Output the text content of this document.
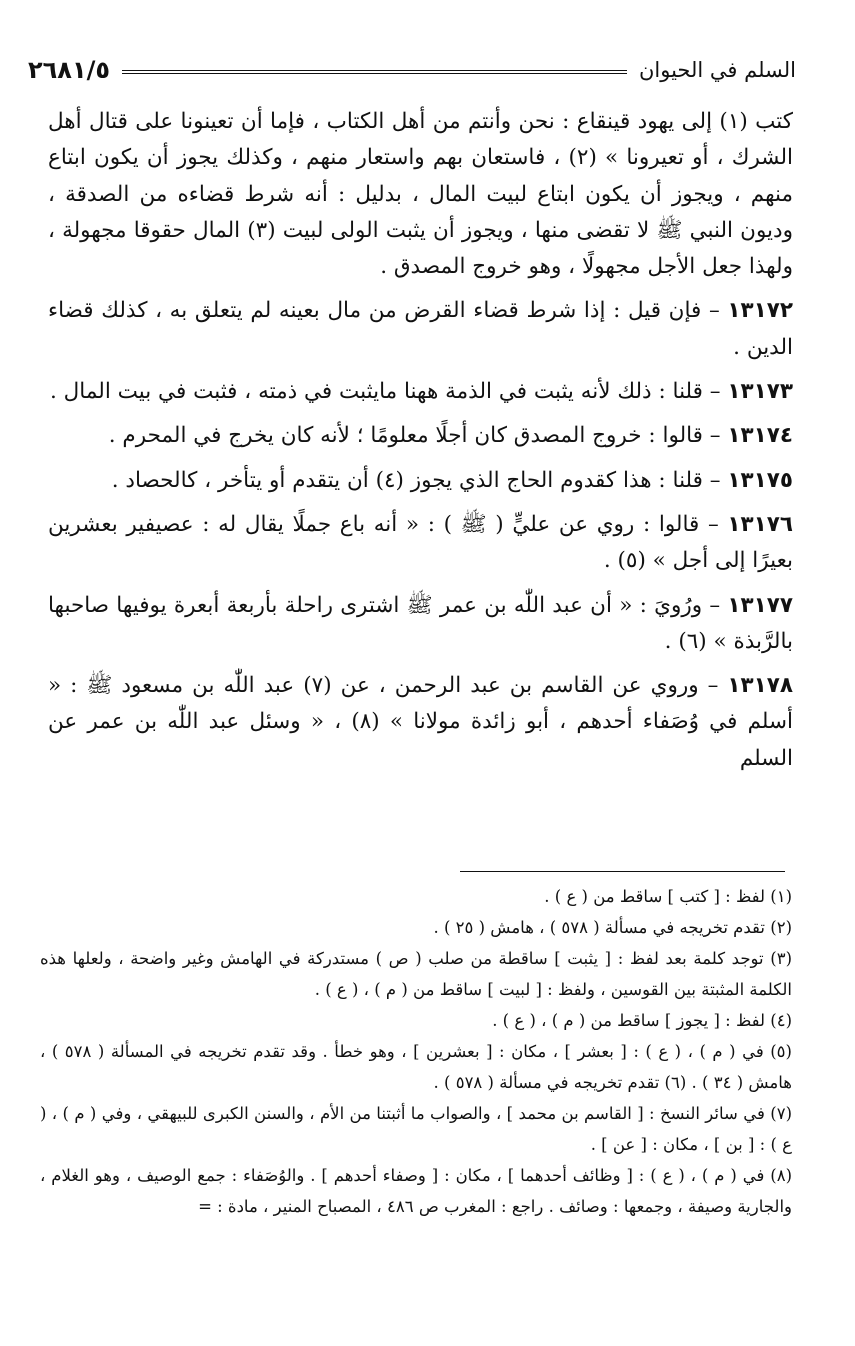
السلم في الحيوان
٢٦٨١/٥

كتب (١) إلى يهود قينقاع : نحن وأنتم من أهل الكتاب ، فإما أن تعينونا على قتال أهل الشرك ، أو تعيرونا » (٢) ، فاستعان بهم واستعار منهم ، وكذلك يجوز أن يكون ابتاع منهم ، ويجوز أن يكون ابتاع لبيت المال ، بدليل : أنه شرط قضاءه من الصدقة ، وديون النبي ﷺ لا تقضى منها ، ويجوز أن يثبت الولى لبيت (٣) المال حقوقا مجهولة ، ولهذا جعل الأجل مجهولًا ، وهو خروج المصدق .

١٣١٧٢ – فإن قيل : إذا شرط قضاء القرض من مال بعينه لم يتعلق به ، كذلك قضاء الدين .

١٣١٧٣ – قلنا : ذلك لأنه يثبت في الذمة ههنا مايثبت في ذمته ، فثبت في بيت المال .

١٣١٧٤ – قالوا : خروج المصدق كان أجلًا معلومًا ؛ لأنه كان يخرج في المحرم .

١٣١٧٥ – قلنا : هذا كقدوم الحاج الذي يجوز (٤) أن يتقدم أو يتأخر ، كالحصاد .

١٣١٧٦ – قالوا : روي عن عليٍّ ( ﷺ ) : « أنه باع جملًا يقال له : عصيفير بعشرين بعيرًا إلى أجل » (٥) .

١٣١٧٧ – ورُويَ : « أن عبد اللّٰه بن عمر ﷺ اشترى راحلة بأربعة أبعرة يوفيها صاحبها بالرَّبذة » (٦) .

١٣١٧٨ – وروي عن القاسم بن عبد الرحمن ، عن (٧) عبد اللّٰه بن مسعود ﷺ : « أسلم في وُصَفاء أحدهم ، أبو زائدة مولانا » (٨) ، « وسئل عبد اللّٰه بن عمر عن السلم

(١) لفظ : [ كتب ] ساقط من ( ع ) .

(٢) تقدم تخريجه في مسألة ( ٥٧٨ ) ، هامش ( ٢٥ ) .

(٣) توجد كلمة بعد لفظ : [ يثبت ] ساقطة من صلب ( ص ) مستدركة في الهامش وغير واضحة ، ولعلها هذه الكلمة المثبتة بين القوسين ، ولفظ : [ لبيت ] ساقط من ( م ) ، ( ع ) .

(٤) لفظ : [ يجوز ] ساقط من ( م ) ، ( ع ) .

(٥) في ( م ) ، ( ع ) : [ بعشر ] ، مكان : [ بعشرين ] ، وهو خطأ . وقد تقدم تخريجه في المسألة ( ٥٧٨ ) ، هامش ( ٣٤ ) . (٦) تقدم تخريجه في مسألة ( ٥٧٨ ) .

(٧) في سائر النسخ : [ القاسم بن محمد ] ، والصواب ما أثبتنا من الأم ، والسنن الكبرى للبيهقي ، وفي ( م ) ، ( ع ) : [ بن ] ، مكان : [ عن ] .

(٨) في ( م ) ، ( ع ) : [ وظائف أحدهما ] ، مكان : [ وصفاء أحدهم ] . والوُصَفاء : جمع الوصيف ، وهو الغلام ، والجارية وصيفة ، وجمعها : وصائف . راجع : المغرب ص ٤٨٦ ، المصباح المنير ، مادة : =
